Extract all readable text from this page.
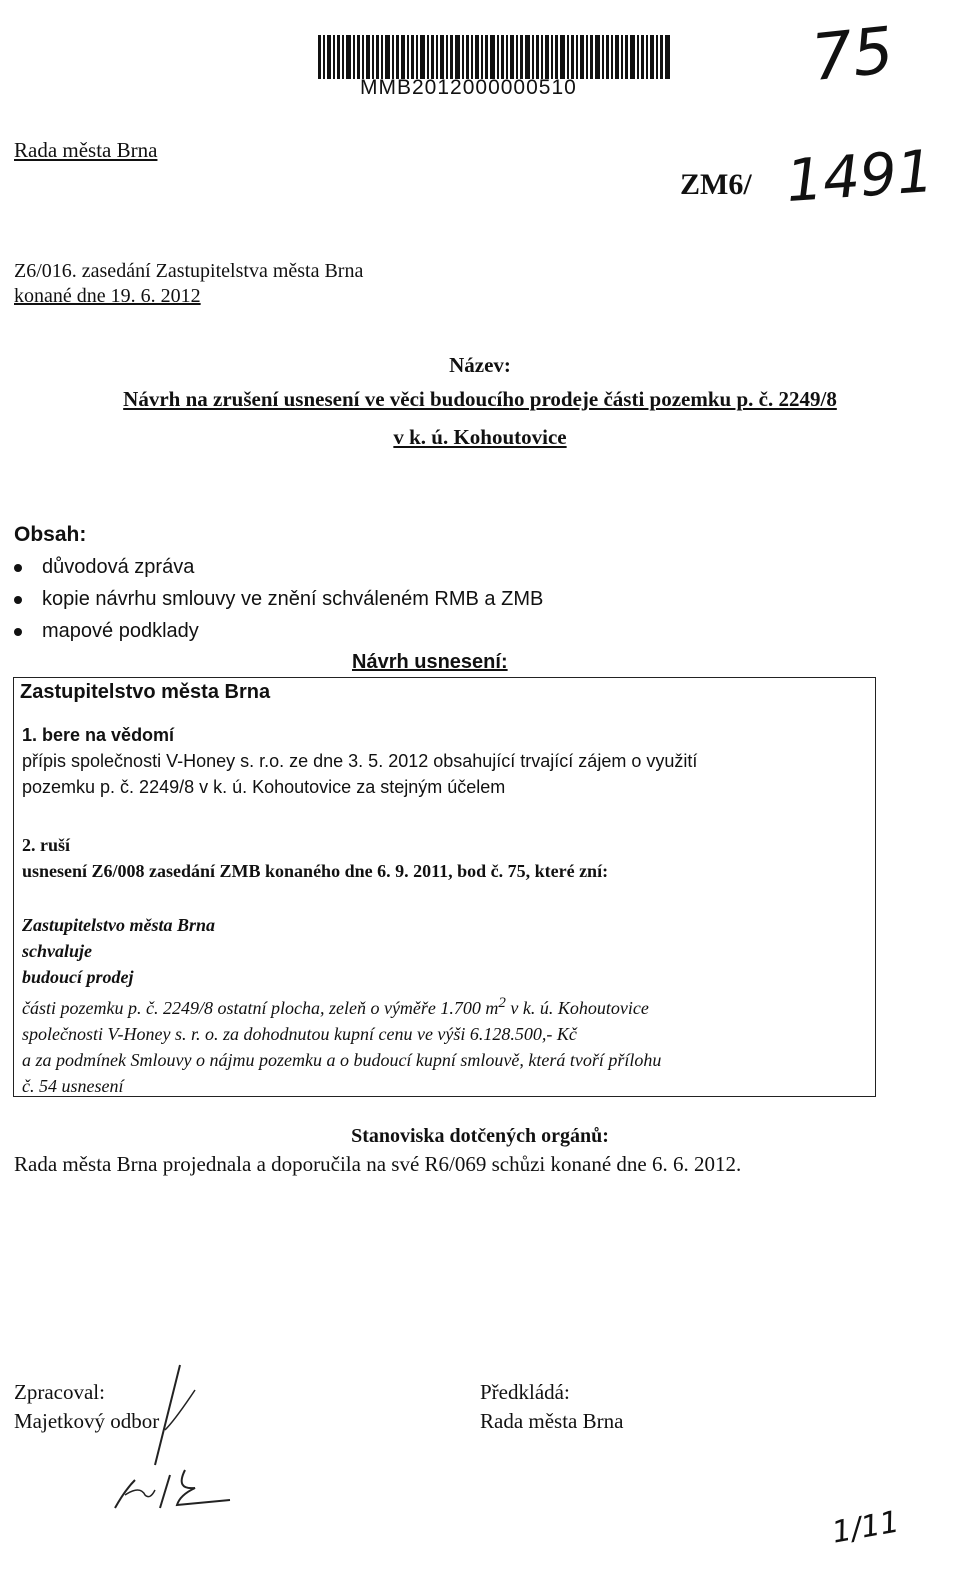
MMB2012000000510	75
Rada města Brna
ZM6/ 1491
Z6/016. zasedání Zastupitelstva města Brna
konané dne 19. 6. 2012
Název:
Návrh na zrušení usnesení ve věci budoucího prodeje části pozemku p. č. 2249/8
v k. ú. Kohoutovice
Obsah:
důvodová zpráva
kopie návrhu smlouvy ve znění schváleném RMB a ZMB
mapové podklady
Návrh usnesení:
1. bere na vědomí
přípis společnosti V-Honey s. r.o. ze dne 3. 5. 2012 obsahující trvající zájem o využití
pozemku p. č. 2249/8 v k. ú. Kohoutovice za stejným účelem
2. ruší
usnesení Z6/008 zasedání ZMB konaného dne 6. 9. 2011, bod č. 75, které zní:
Zastupitelstvo města Brna
schvaluje
budoucí prodej
části pozemku p. č. 2249/8 ostatní plocha, zeleň o výměře 1.700 $m^2$ v k. ú. Kohoutovice
společnosti V-Honey s. r. o. za dohodnutou kupní cenu ve výši 6.128.500,- Kč
a za podmínek Smlouvy o nájmu pozemku a o budoucí kupní smlouvě, která tvoří přílohu
č. 54 usnesení
Zastupitelstvo města Brna
Stanoviska dotčených orgánů:
Rada města Brna projednala a doporučila na své R6/069 schůzi konané dne 6. 6. 2012.
Zpracoval:
Majetkový odbor
Předkládá:
Rada města Brna
1/11
